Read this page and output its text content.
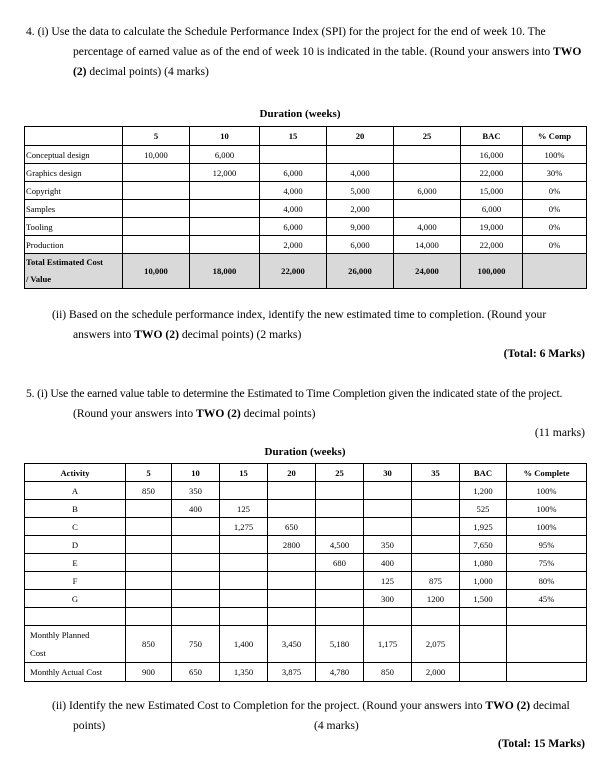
4. (i) Use the data to calculate the Schedule Performance Index (SPI) for the project for the end of week 10. The

percentage of earned value as of the end of week 10 is indicated in the table. (Round your answers into TWO

(2) decimal points) (4 marks)

Duration (weeks)
	5	10	15	20	25	BAC	% Comp
Conceptual design	10,000	6,000				16,000	100%
Graphics design		12,000	6,000	4,000		22,000	30%
Copyright			4,000	5,000	6,000	15,000	0%
Samples			4,000	2,000		6,000	0%
Tooling			6,000	9,000	4,000	19,000	0%
Production			2,000	6,000	14,000	22,000	0%

Total Estimated Cost
/ Value	10,000	18,000	22,000	26,000	24,000	100,000	

(ii) Based on the schedule performance index, identify the new estimated time to completion. (Round your

answers into TWO (2) decimal points) (2 marks)

(Total: 6 Marks)

5. (i) Use the earned value table to determine the Estimated to Time Completion given the indicated state of the project.

(Round your answers into TWO (2) decimal points)

(11 marks)
Duration (weeks)
Activity	5	10	15	20	25	30	35	BAC	% Complete
A	850	350						1,200	100%
B		400	125					525	100%
C			1,275	650				1,925	100%
D				2800	4,500	350		7,650	95%
E					680	400		1,080	75%
F						125	875	1,000	80%
G						300	1200	1,500	45%

Monthly Planned
Cost	850	750	1,400	3,450	5,180	1,175	2,075		
Monthly Actual Cost	900	650	1,350	3,875	4,780	850	2,000		

(ii) Identify the new Estimated Cost to Completion for the project. (Round your answers into TWO (2) decimal

points)	(4 marks)

(Total: 15 Marks)
